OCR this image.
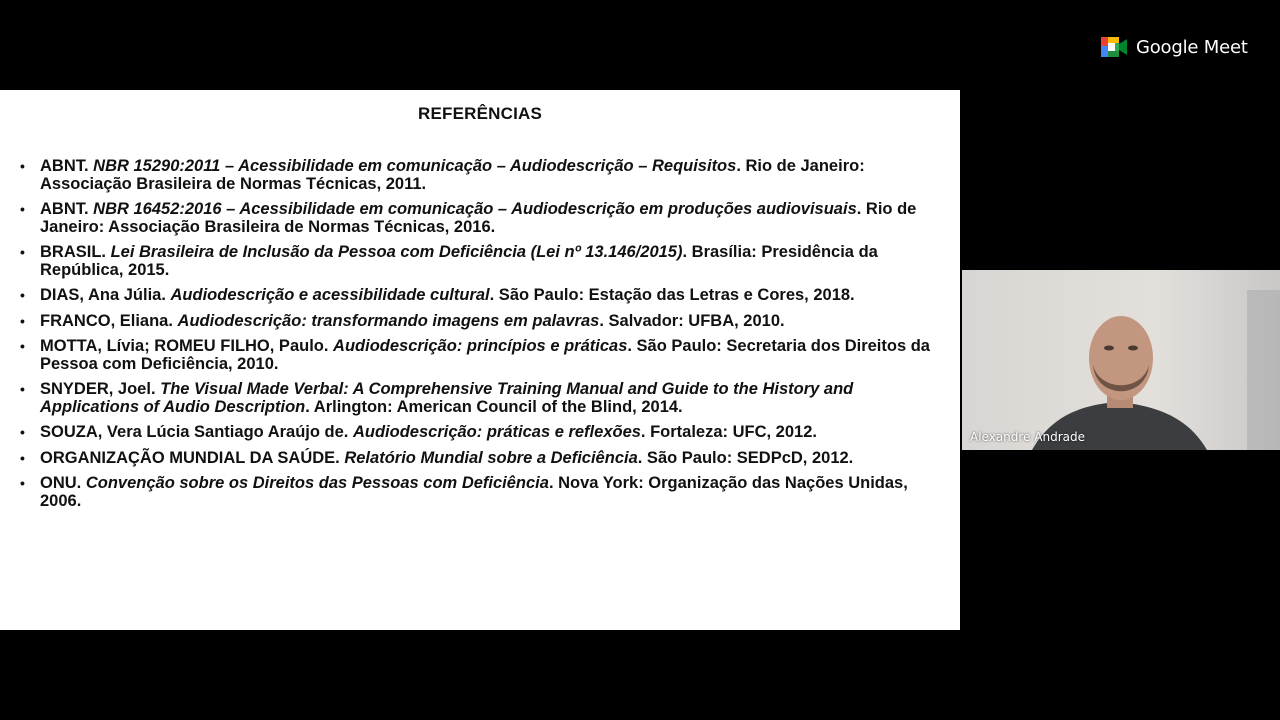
REFERÊNCIAS
• ABNT. NBR 15290:2011 – Acessibilidade em comunicação – Audiodescrição – Requisitos. Rio de Janeiro: Associação Brasileira de Normas Técnicas, 2011.
• ABNT. NBR 16452:2016 – Acessibilidade em comunicação – Audiodescrição em produções audiovisuais. Rio de Janeiro: Associação Brasileira de Normas Técnicas, 2016.
• BRASIL. Lei Brasileira de Inclusão da Pessoa com Deficiência (Lei nº 13.146/2015). Brasília: Presidência da República, 2015.
• DIAS, Ana Júlia. Audiodescrição e acessibilidade cultural. São Paulo: Estação das Letras e Cores, 2018.
• FRANCO, Eliana. Audiodescrição: transformando imagens em palavras. Salvador: UFBA, 2010.
• MOTTA, Lívia; ROMEU FILHO, Paulo. Audiodescrição: princípios e práticas. São Paulo: Secretaria dos Direitos da Pessoa com Deficiência, 2010.
• SNYDER, Joel. The Visual Made Verbal: A Comprehensive Training Manual and Guide to the History and Applications of Audio Description. Arlington: American Council of the Blind, 2014.
• SOUZA, Vera Lúcia Santiago Araújo de. Audiodescrição: práticas e reflexões. Fortaleza: UFC, 2012.
• ORGANIZAÇÃO MUNDIAL DA SAÚDE. Relatório Mundial sobre a Deficiência. São Paulo: SEDPcD, 2012.
• ONU. Convenção sobre os Direitos das Pessoas com Deficiência. Nova York: Organização das Nações Unidas, 2006.
Google Meet
Alexandre Andrade
